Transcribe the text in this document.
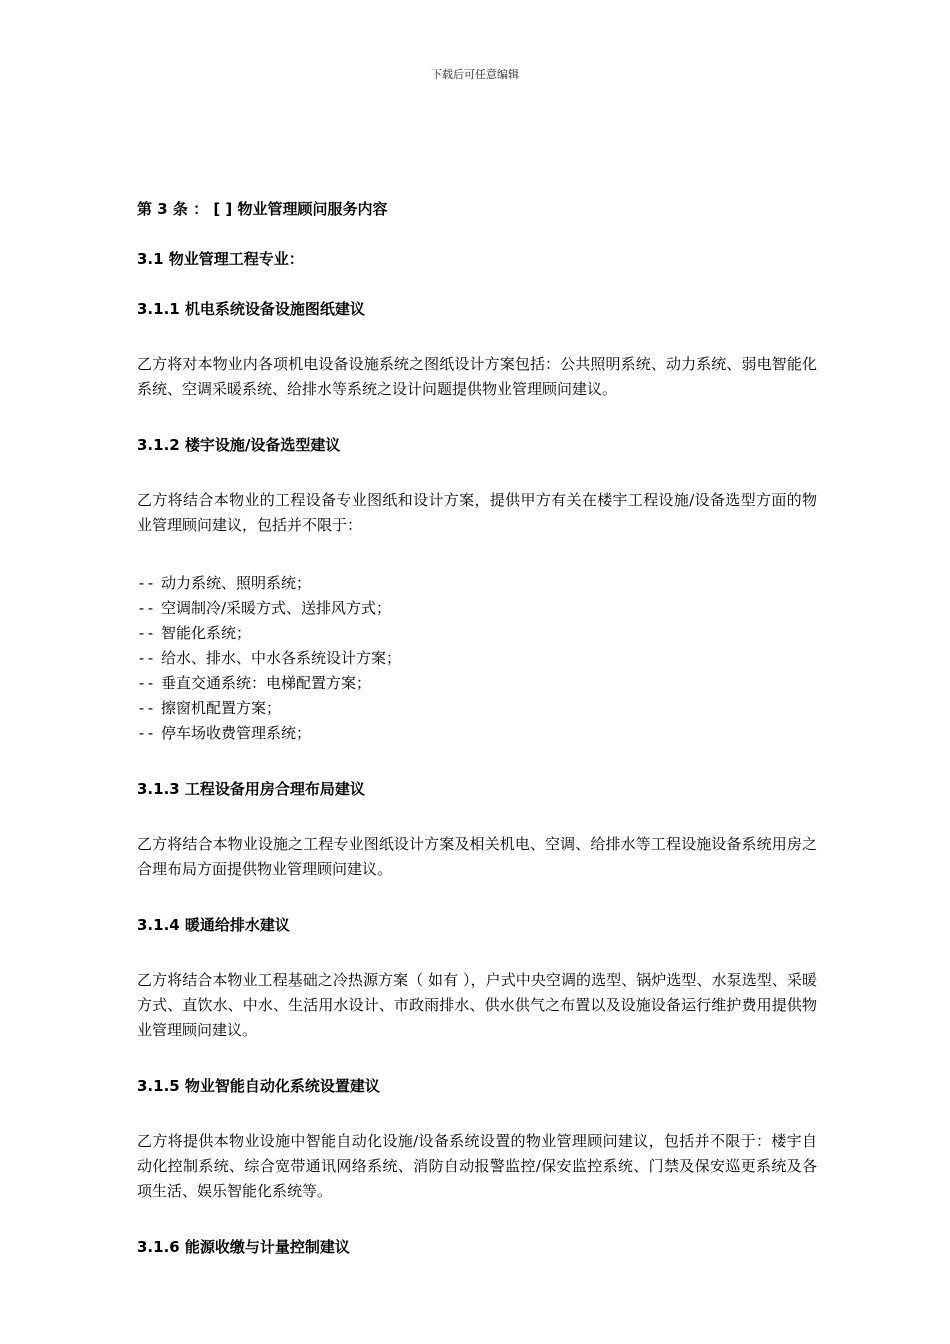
下载后可任意编辑

第 3 条 ： [ ] 物业管理顾问服务内容

3.1 物业管理工程专业：

3.1.1 机电系统设备设施图纸建议

乙方将对本物业内各项机电设备设施系统之图纸设计方案包括：公共照明系统、动力系统、弱电智能化系统、空调采暖系统、给排水等系统之设计问题提供物业管理顾问建议。

3.1.2 楼宇设施/设备选型建议

乙方将结合本物业的工程设备专业图纸和设计方案，提供甲方有关在楼宇工程设施/设备选型方面的物业管理顾问建议，包括并不限于：

-- 动力系统、照明系统；
-- 空调制冷/采暖方式、送排风方式；
-- 智能化系统；
-- 给水、排水、中水各系统设计方案；
-- 垂直交通系统：电梯配置方案；
-- 擦窗机配置方案；
-- 停车场收费管理系统；

3.1.3 工程设备用房合理布局建议

乙方将结合本物业设施之工程专业图纸设计方案及相关机电、空调、给排水等工程设施设备系统用房之合理布局方面提供物业管理顾问建议。

3.1.4 暖通给排水建议

乙方将结合本物业工程基础之冷热源方案（ 如有 ），户式中央空调的选型、锅炉选型、水泵选型、采暖方式、直饮水、中水、生活用水设计、市政雨排水、供水供气之布置以及设施设备运行维护费用提供物业管理顾问建议。

3.1.5 物业智能自动化系统设置建议

乙方将提供本物业设施中智能自动化设施/设备系统设置的物业管理顾问建议，包括并不限于：楼宇自动化控制系统、综合宽带通讯网络系统、消防自动报警监控/保安监控系统、门禁及保安巡更系统及各项生活、娱乐智能化系统等。

3.1.6 能源收缴与计量控制建议
